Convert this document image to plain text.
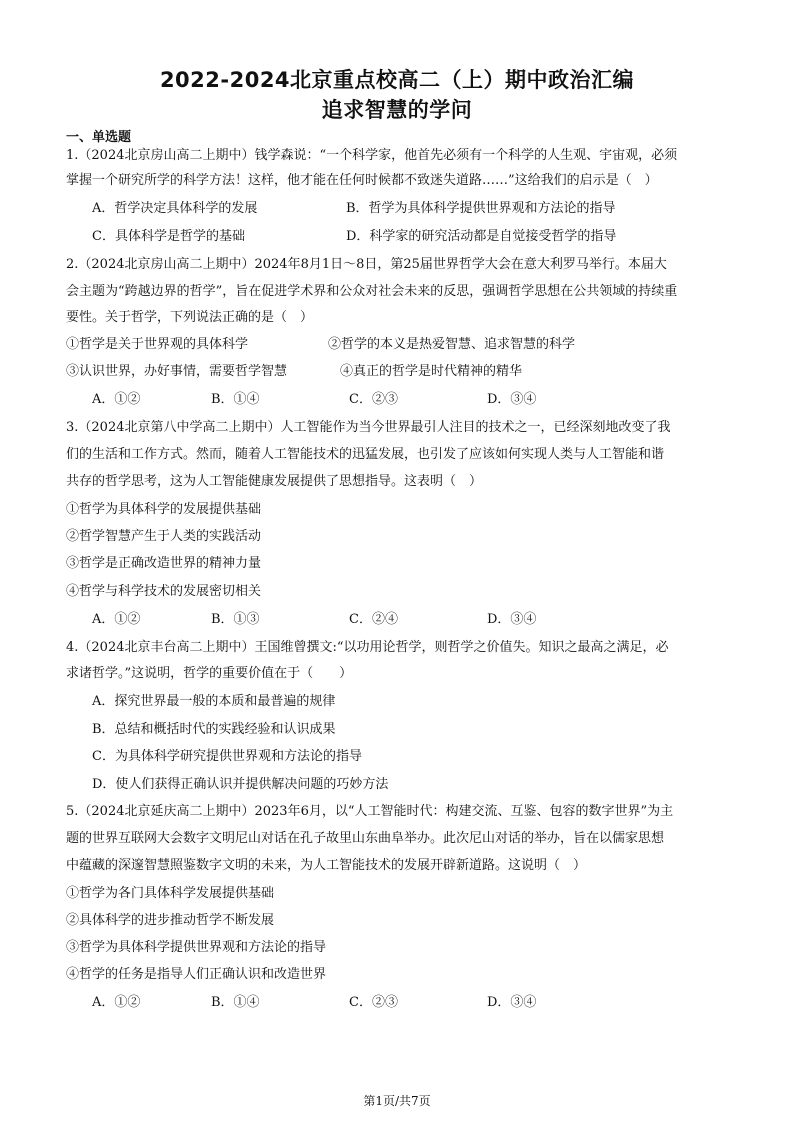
2022-2024北京重点校高二（上）期中政治汇编
追求智慧的学问
一、单选题
1.（2024北京房山高二上期中）钱学森说：“一个科学家，他首先必须有一个科学的人生观、宇宙观，必须
掌握一个研究所学的科学方法！这样，他才能在任何时候都不致迷失道路……”这给我们的启示是（　）
A．哲学决定具体科学的发展	B．哲学为具体科学提供世界观和方法论的指导
C．具体科学是哲学的基础	D．科学家的研究活动都是自觉接受哲学的指导
2.（2024北京房山高二上期中）2024年8月1日～8日，第25届世界哲学大会在意大利罗马举行。本届大
会主题为“跨越边界的哲学”，旨在促进学术界和公众对社会未来的反思，强调哲学思想在公共领域的持续重
要性。关于哲学，下列说法正确的是（　）
①哲学是关于世界观的具体科学	②哲学的本义是热爱智慧、追求智慧的科学
③认识世界，办好事情，需要哲学智慧	④真正的哲学是时代精神的精华
A．①②	B．①④	C．②③	D．③④
3.（2024北京第八中学高二上期中）人工智能作为当今世界最引人注目的技术之一，已经深刻地改变了我
们的生活和工作方式。然而，随着人工智能技术的迅猛发展，也引发了应该如何实现人类与人工智能和谐
共存的哲学思考，这为人工智能健康发展提供了思想指导。这表明（　）
①哲学为具体科学的发展提供基础
②哲学智慧产生于人类的实践活动
③哲学是正确改造世界的精神力量
④哲学与科学技术的发展密切相关
A．①②	B．①③	C．②④	D．③④
4.（2024北京丰台高二上期中）王国维曾撰文:“以功用论哲学，则哲学之价值失。知识之最高之满足，必
求诸哲学。”这说明，哲学的重要价值在于（　　）
A．探究世界最一般的本质和最普遍的规律
B．总结和概括时代的实践经验和认识成果
C．为具体科学研究提供世界观和方法论的指导
D．使人们获得正确认识并提供解决问题的巧妙方法
5.（2024北京延庆高二上期中）2023年6月，以“人工智能时代：构建交流、互鉴、包容的数字世界”为主
题的世界互联网大会数字文明尼山对话在孔子故里山东曲阜举办。此次尼山对话的举办，旨在以儒家思想
中蕴藏的深邃智慧照鉴数字文明的未来，为人工智能技术的发展开辟新道路。这说明（　）
①哲学为各门具体科学发展提供基础
②具体科学的进步推动哲学不断发展
③哲学为具体科学提供世界观和方法论的指导
④哲学的任务是指导人们正确认识和改造世界
A．①②	B．①④	C．②③	D．③④
第1页/共7页
